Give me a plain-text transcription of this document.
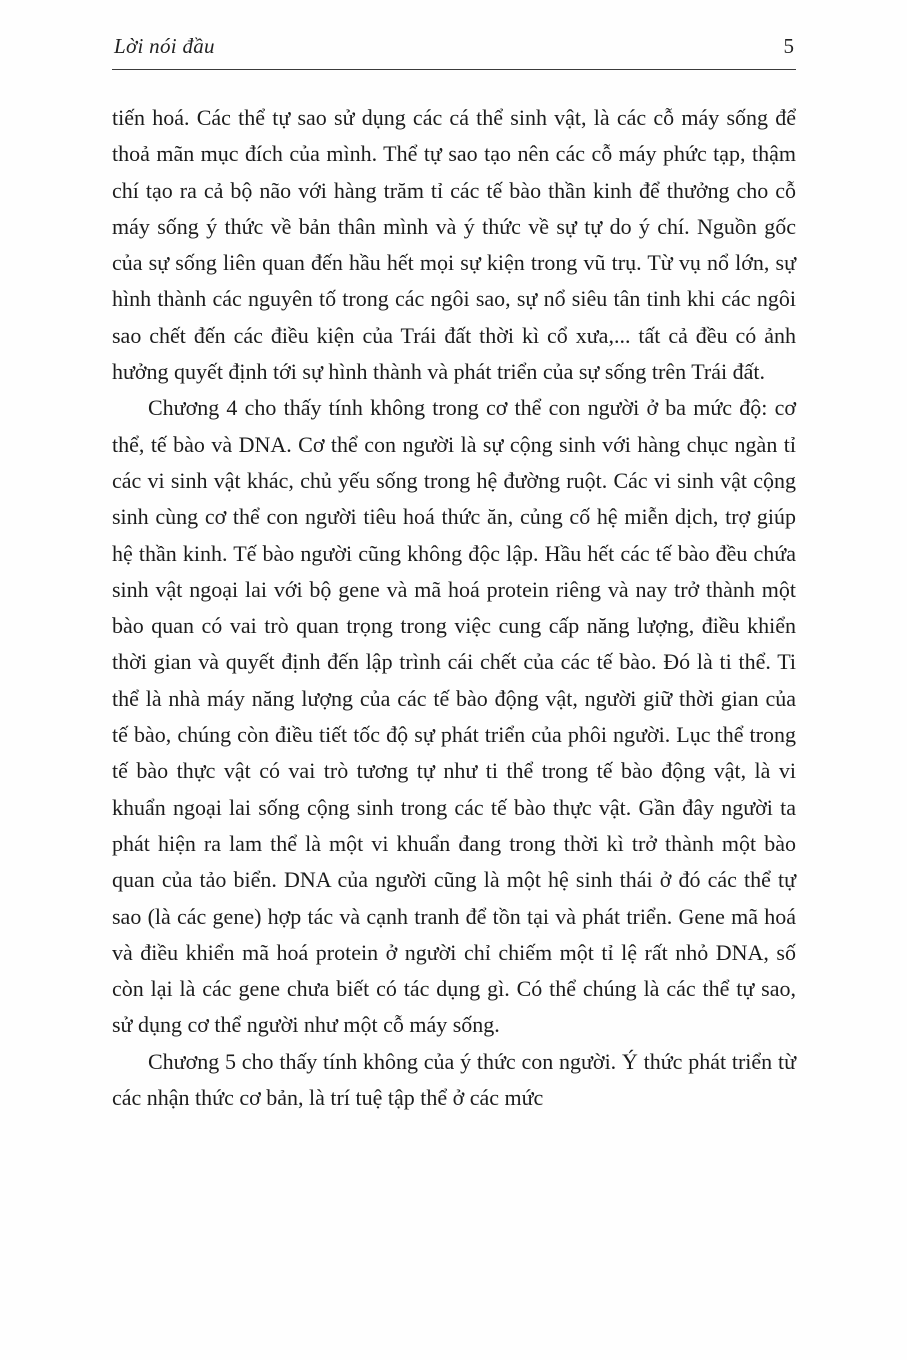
Lời nói đầu	5

tiến hoá. Các thể tự sao sử dụng các cá thể sinh vật, là các cỗ máy sống để thoả mãn mục đích của mình. Thể tự sao tạo nên các cỗ máy phức tạp, thậm chí tạo ra cả bộ não với hàng trăm tỉ các tế bào thần kinh để thưởng cho cỗ máy sống ý thức về bản thân mình và ý thức về sự tự do ý chí. Nguồn gốc của sự sống liên quan đến hầu hết mọi sự kiện trong vũ trụ. Từ vụ nổ lớn, sự hình thành các nguyên tố trong các ngôi sao, sự nổ siêu tân tinh khi các ngôi sao chết đến các điều kiện của Trái đất thời kì cổ xưa,... tất cả đều có ảnh hưởng quyết định tới sự hình thành và phát triển của sự sống trên Trái đất.

Chương 4 cho thấy tính không trong cơ thể con người ở ba mức độ: cơ thể, tế bào và DNA. Cơ thể con người là sự cộng sinh với hàng chục ngàn tỉ các vi sinh vật khác, chủ yếu sống trong hệ đường ruột. Các vi sinh vật cộng sinh cùng cơ thể con người tiêu hoá thức ăn, củng cố hệ miễn dịch, trợ giúp hệ thần kinh. Tế bào người cũng không độc lập. Hầu hết các tế bào đều chứa sinh vật ngoại lai với bộ gene và mã hoá protein riêng và nay trở thành một bào quan có vai trò quan trọng trong việc cung cấp năng lượng, điều khiển thời gian và quyết định đến lập trình cái chết của các tế bào. Đó là ti thể. Ti thể là nhà máy năng lượng của các tế bào động vật, người giữ thời gian của tế bào, chúng còn điều tiết tốc độ sự phát triển của phôi người. Lục thể trong tế bào thực vật có vai trò tương tự như ti thể trong tế bào động vật, là vi khuẩn ngoại lai sống cộng sinh trong các tế bào thực vật. Gần đây người ta phát hiện ra lam thể là một vi khuẩn đang trong thời kì trở thành một bào quan của tảo biển. DNA của người cũng là một hệ sinh thái ở đó các thể tự sao (là các gene) hợp tác và cạnh tranh để tồn tại và phát triển. Gene mã hoá và điều khiển mã hoá protein ở người chỉ chiếm một tỉ lệ rất nhỏ DNA, số còn lại là các gene chưa biết có tác dụng gì. Có thể chúng là các thể tự sao, sử dụng cơ thể người như một cỗ máy sống.

Chương 5 cho thấy tính không của ý thức con người. Ý thức phát triển từ các nhận thức cơ bản, là trí tuệ tập thể ở các mức
